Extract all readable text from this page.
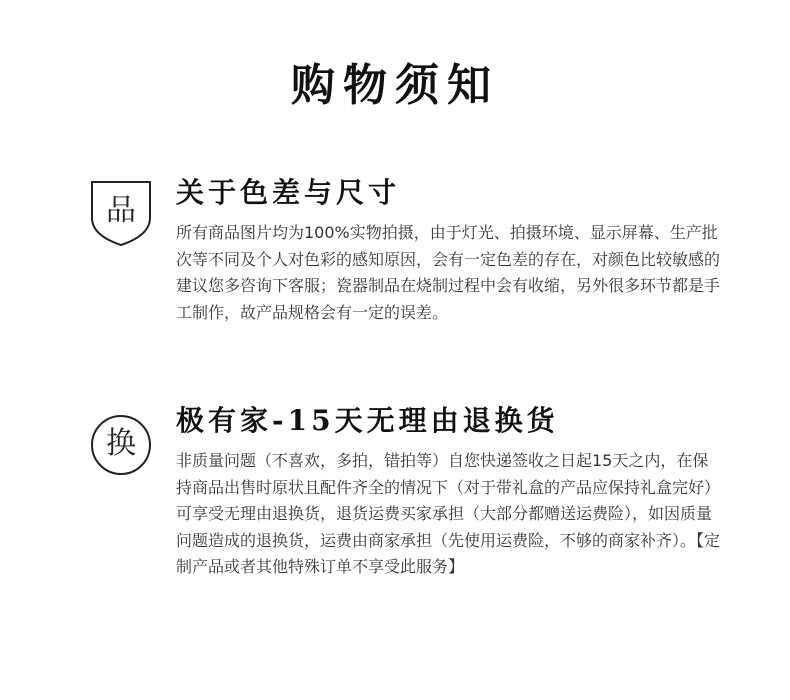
购物须知
品
关于色差与尺寸
所有商品图片均为100%实物拍摄，由于灯光、拍摄环境、显示屏幕、生产批次等不同及个人对色彩的感知原因，会有一定色差的存在，对颜色比较敏感的建议您多咨询下客服；瓷器制品在烧制过程中会有收缩，另外很多环节都是手工制作，故产品规格会有一定的误差。
换
极有家-15天无理由退换货
非质量问题（不喜欢，多拍，错拍等）自您快递签收之日起15天之内，在保持商品出售时原状且配件齐全的情况下（对于带礼盒的产品应保持礼盒完好）可享受无理由退换货，退货运费买家承担（大部分都赠送运费险），如因质量问题造成的退换货，运费由商家承担（先使用运费险，不够的商家补齐）。【定制产品或者其他特殊订单不享受此服务】
